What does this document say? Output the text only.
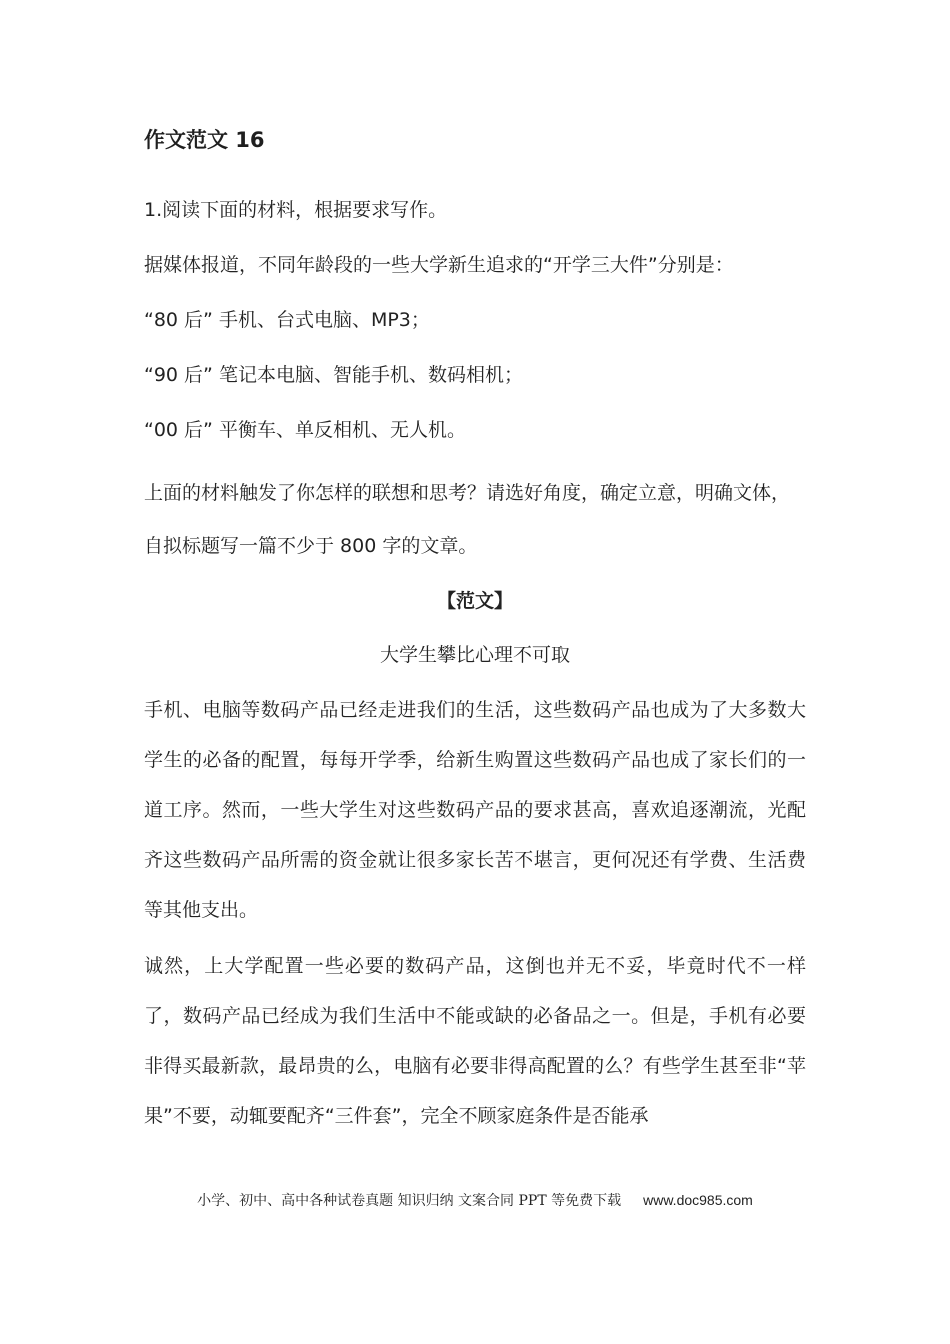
作文范文 16
1.阅读下面的材料，根据要求写作。
据媒体报道，不同年龄段的一些大学新生追求的“开学三大件”分别是：
“80 后” 手机、台式电脑、MP3；
“90 后” 笔记本电脑、智能手机、数码相机；
“00 后” 平衡车、单反相机、无人机。
上面的材料触发了你怎样的联想和思考？请选好角度，确定立意，明确文体，自拟标题写一篇不少于 800 字的文章。
【范文】
大学生攀比心理不可取
手机、电脑等数码产品已经走进我们的生活，这些数码产品也成为了大多数大学生的必备的配置，每每开学季，给新生购置这些数码产品也成了家长们的一道工序。然而，一些大学生对这些数码产品的要求甚高，喜欢追逐潮流，光配齐这些数码产品所需的资金就让很多家长苦不堪言，更何况还有学费、生活费等其他支出。
诚然，上大学配置一些必要的数码产品，这倒也并无不妥，毕竟时代不一样了，数码产品已经成为我们生活中不能或缺的必备品之一。但是，手机有必要非得买最新款，最昂贵的么，电脑有必要非得高配置的么？有些学生甚至非“苹果”不要，动辄要配齐“三件套”，完全不顾家庭条件是否能承
小学、初中、高中各种试卷真题 知识归纳 文案合同 PPT 等免费下载 www.doc985.com
